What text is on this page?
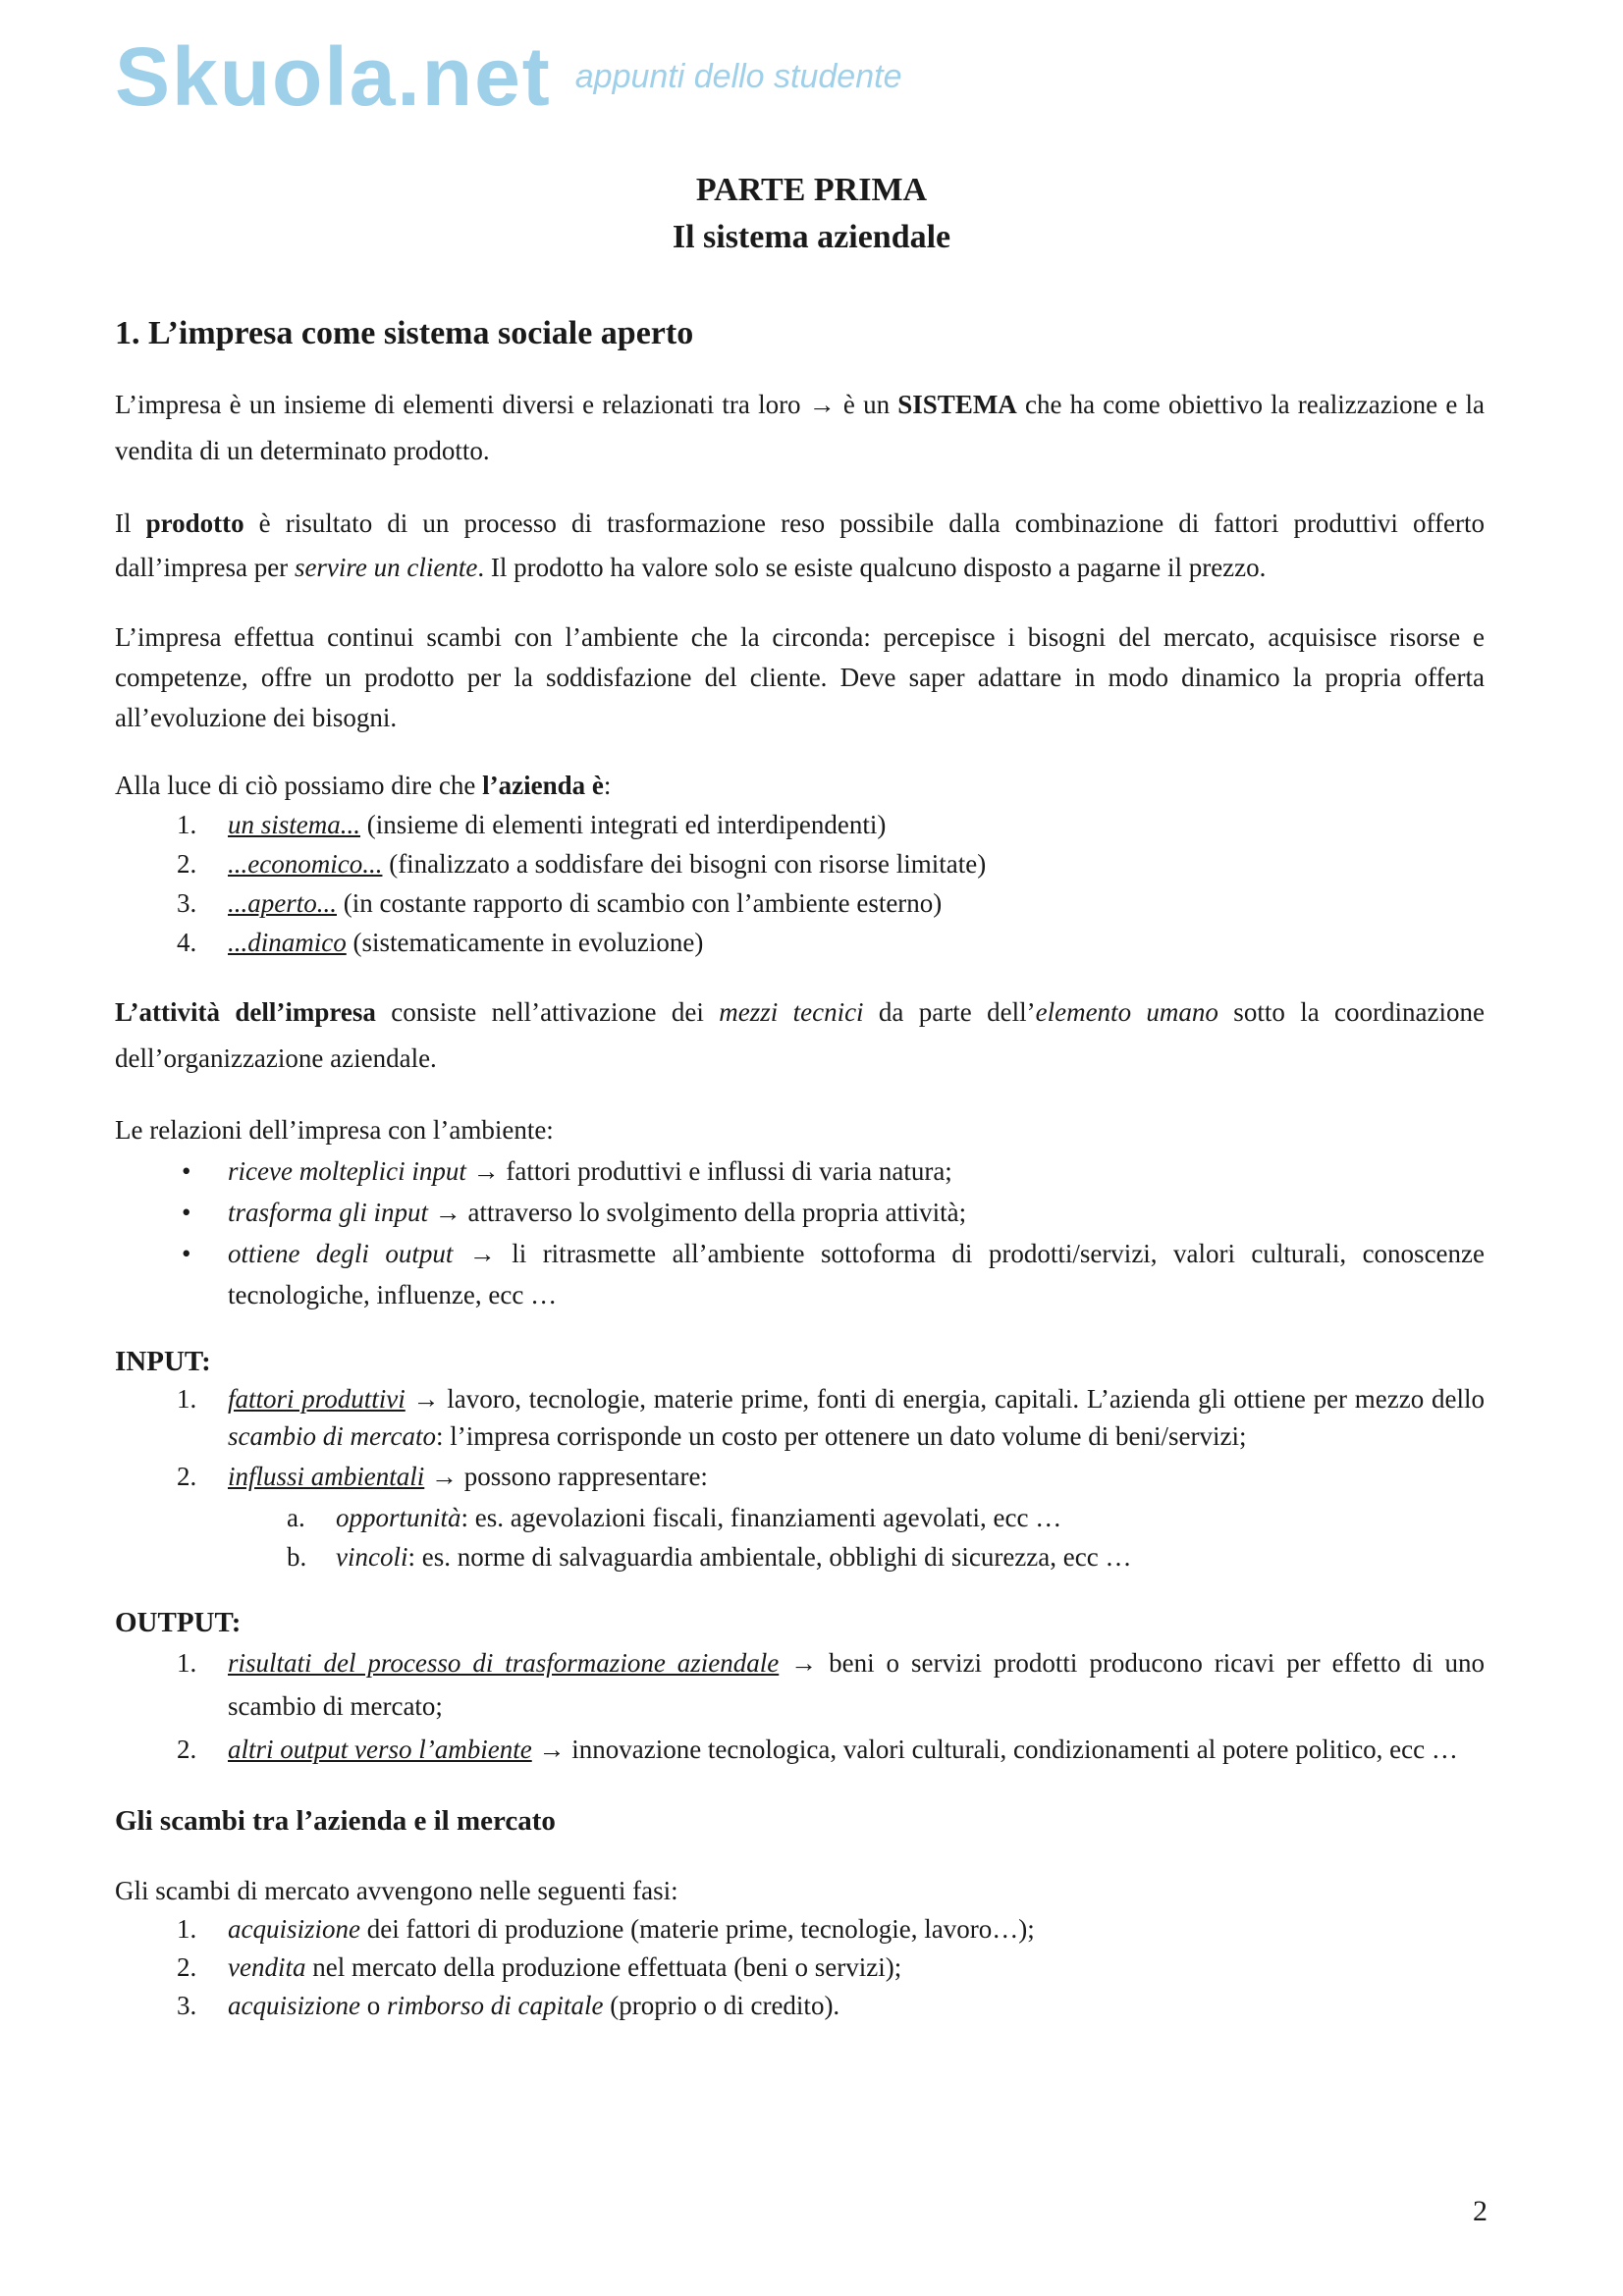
Skuola.net appunti dello studente
PARTE PRIMA
Il sistema aziendale
1. L’impresa come sistema sociale aperto

L’impresa è un insieme di elementi diversi e relazionati tra loro → è un SISTEMA che ha come obiettivo la realizzazione e la vendita di un determinato prodotto.

Il prodotto è risultato di un processo di trasformazione reso possibile dalla combinazione di fattori produttivi offerto dall’impresa per servire un cliente. Il prodotto ha valore solo se esiste qualcuno disposto a pagarne il prezzo.

L’impresa effettua continui scambi con l’ambiente che la circonda: percepisce i bisogni del mercato, acquisisce risorse e competenze, offre un prodotto per la soddisfazione del cliente. Deve saper adattare in modo dinamico la propria offerta all’evoluzione dei bisogni.

Alla luce di ciò possiamo dire che l’azienda è:

1. un sistema... (insieme di elementi integrati ed interdipendenti)
2. ...economico... (finalizzato a soddisfare dei bisogni con risorse limitate)
3. ...aperto... (in costante rapporto di scambio con l’ambiente esterno)
4. ...dinamico (sistematicamente in evoluzione)

L’attività dell’impresa consiste nell’attivazione dei mezzi tecnici da parte dell’elemento umano sotto la coordinazione dell’organizzazione aziendale.

Le relazioni dell’impresa con l’ambiente:

• riceve molteplici input → fattori produttivi e influssi di varia natura;
• trasforma gli input → attraverso lo svolgimento della propria attività;
• ottiene degli output → li ritrasmette all’ambiente sottoforma di prodotti/servizi, valori culturali, conoscenze tecnologiche, influenze, ecc …
INPUT:
1. fattori produttivi → lavoro, tecnologie, materie prime, fonti di energia, capitali. L’azienda gli ottiene per mezzo dello scambio di mercato: l’impresa corrisponde un costo per ottenere un dato volume di beni/servizi;
2. influssi ambientali → possono rappresentare:
a. opportunità: es. agevolazioni fiscali, finanziamenti agevolati, ecc …
b. vincoli: es. norme di salvaguardia ambientale, obblighi di sicurezza, ecc …
OUTPUT:
1. risultati del processo di trasformazione aziendale → beni o servizi prodotti producono ricavi per effetto di uno scambio di mercato;
2. altri output verso l’ambiente → innovazione tecnologica, valori culturali, condizionamenti al potere politico, ecc …
Gli scambi tra l’azienda e il mercato

Gli scambi di mercato avvengono nelle seguenti fasi:

1. acquisizione dei fattori di produzione (materie prime, tecnologie, lavoro…);
2. vendita nel mercato della produzione effettuata (beni o servizi);
3. acquisizione o rimborso di capitale (proprio o di credito).
2
